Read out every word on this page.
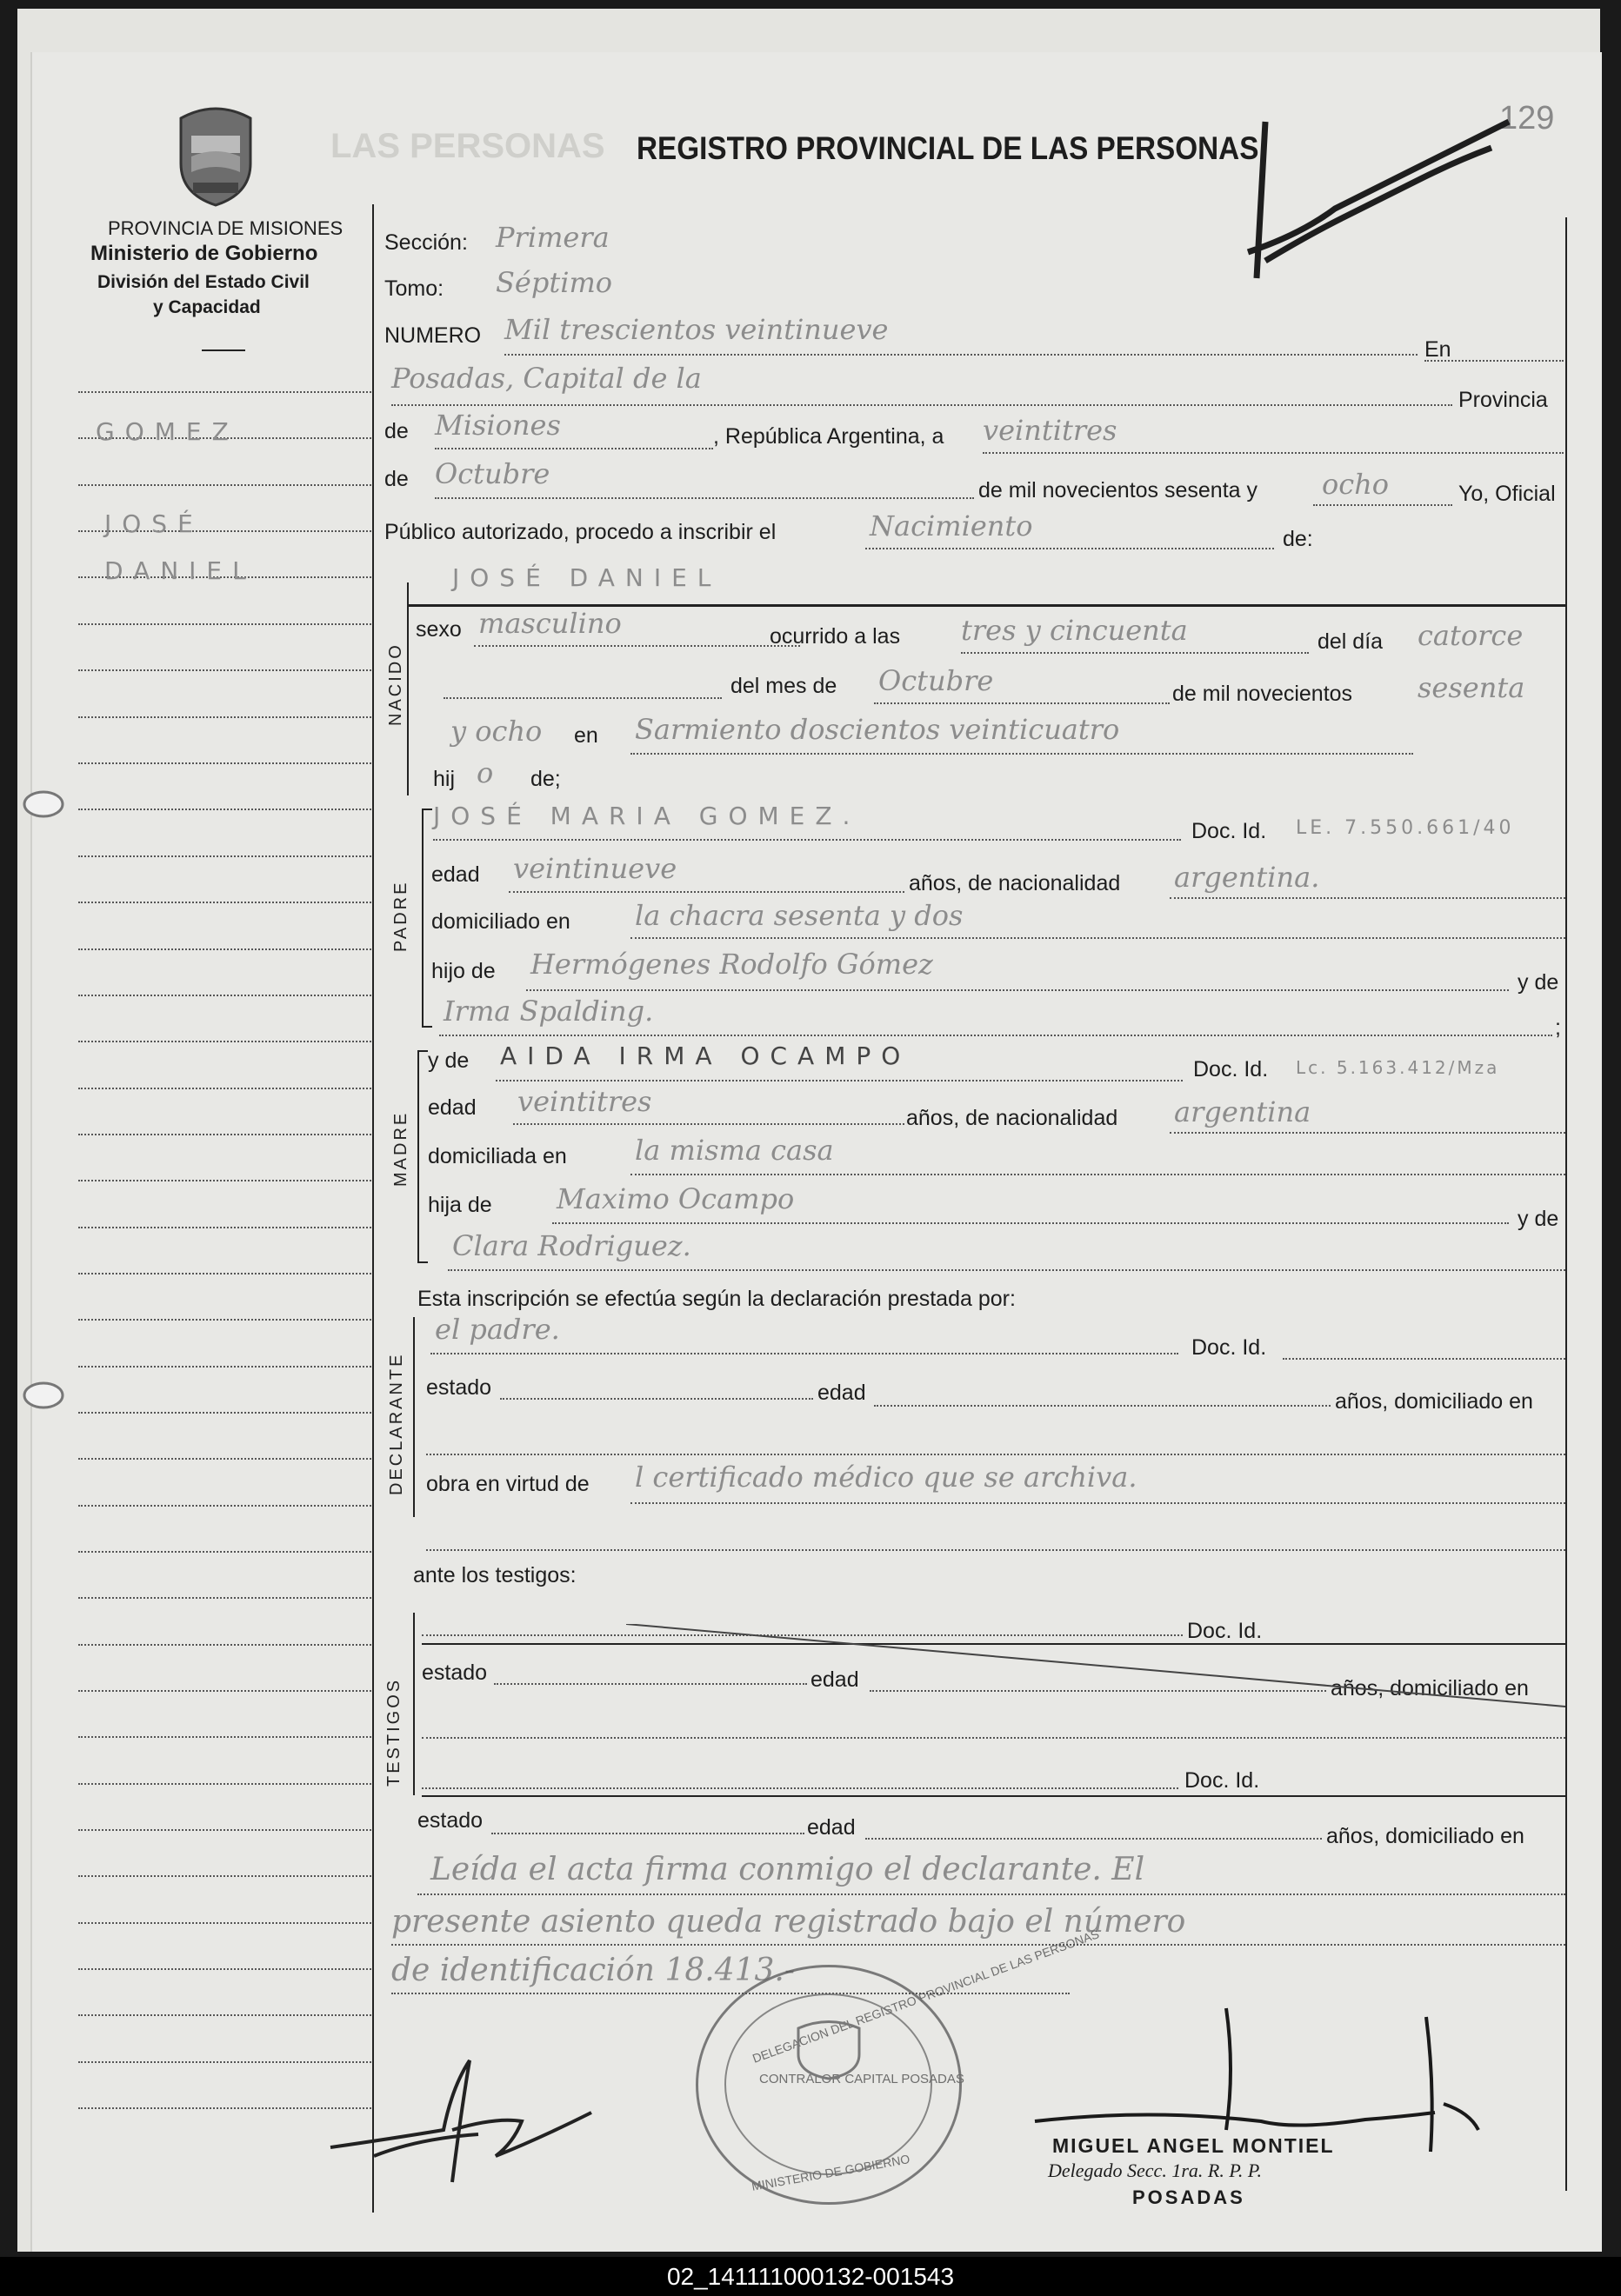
PROVINCIA DE MISIONES
Ministerio de Gobierno
División del Estado Civil
y Capacidad
LAS PERSONAS REGISTRO PROVINCIAL DE LAS PERSONAS
129
GOMEZ
JOSÉ
DANIEL
Sección: Primera
Tomo: Séptimo
NUMERO Mil trescientos veintinueve
En
Posadas, Capital de la
Provincia
de Misiones	, República Argentina, a veintitres
de Octubre	de mil novecientos sesenta y ocho	Yo, Oficial
Público autorizado, procedo a inscribir el	Nacimiento	de:
NACIDO
JOSÉ DANIEL
sexo masculino	ocurrido a las tres y cincuenta	del día catorce
del mes de Octubre	de mil novecientos sesenta
y ocho en Sarmiento doscientos veinticuatro
hij o de;
PADRE
JOSÉ MARIA GOMEZ.
Doc. Id. LE. 7.550.661/40
edad veintinueve	años, de nacionalidad argentina.
domiciliado en la chacra sesenta y dos
hijo de Hermógenes Rodolfo Gómez
y de
Irma Spalding.	;
MADRE
y de AIDA IRMA OCAMPO	Doc. Id. Lc. 5.163.412/Mza
edad veintitres	años, de nacionalidad argentina
domiciliada en la misma casa
hija de Maximo Ocampo
y de
Clara Rodriguez.
Esta inscripción se efectúa según la declaración prestada por:
DECLARANTE
el padre.
Doc. Id.
estado	edad	años, domiciliado en
obra en virtud de l certificado médico que se archiva.
ante los testigos:
TESTIGOS
Doc. Id.
estado	edad	años, domiciliado en
Doc. Id.
estado	edad	años, domiciliado en
Leída el acta firma conmigo el declarante. El
presente asiento queda registrado bajo el número
de identificación 18.413.-
DELEGACION DEL REGISTRO PROVINCIAL DE LAS PERSONAS
CONTRALOR CAPITAL POSADAS
MINISTERIO DE GOBIERNO
MIGUEL ANGEL MONTIEL
Delegado Secc. 1ra. R. P. P.
POSADAS
02_141111000132-001543
